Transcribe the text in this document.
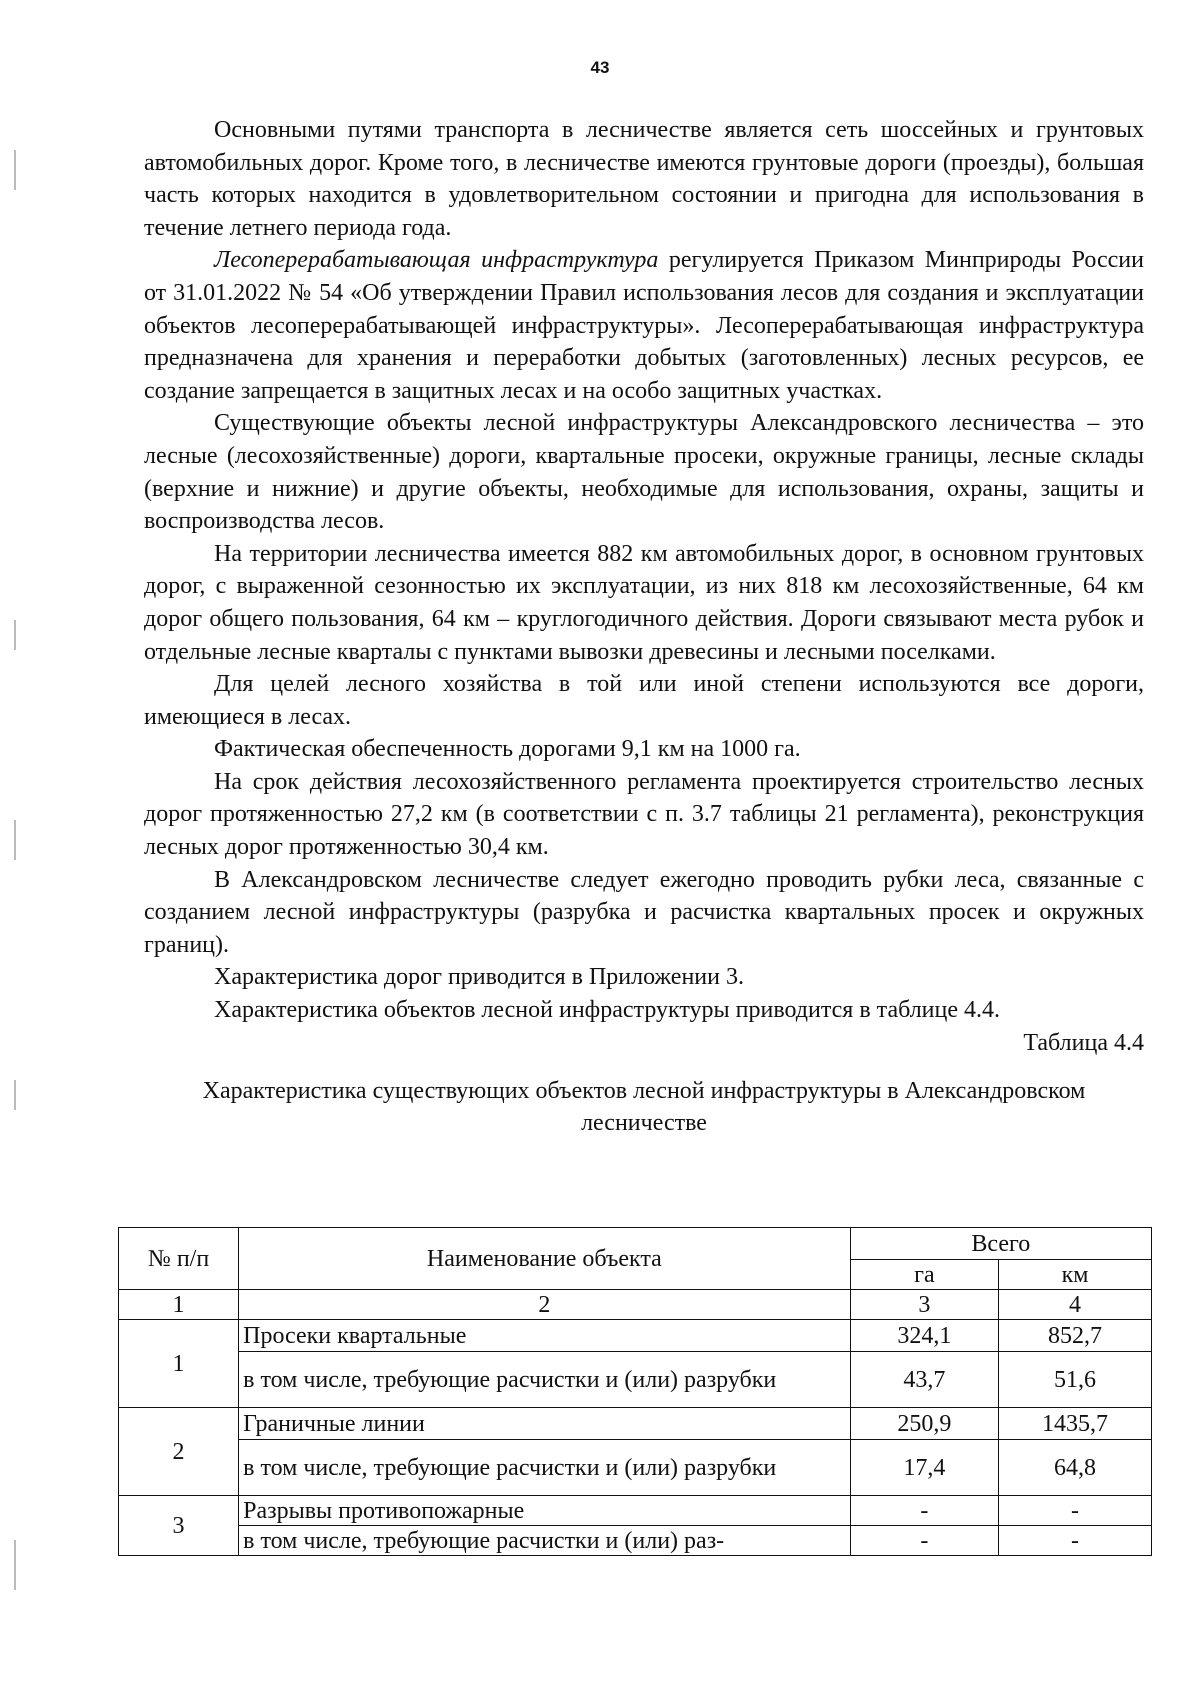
43

Основными путями транспорта в лесничестве является сеть шоссейных и грунтовых автомобильных дорог. Кроме того, в лесничестве имеются грунтовые дороги (проезды), большая часть которых находится в удовлетворительном состоянии и пригодна для использования в течение летнего периода года.

Лесоперерабатывающая инфраструктура регулируется Приказом Минприроды России от 31.01.2022 № 54 «Об утверждении Правил использования лесов для создания и эксплуатации объектов лесоперерабатывающей инфраструктуры». Лесоперерабатывающая инфраструктура предназначена для хранения и переработки добытых (заготовленных) лесных ресурсов, ее создание запрещается в защитных лесах и на особо защитных участках.

Существующие объекты лесной инфраструктуры Александровского лесничества – это лесные (лесохозяйственные) дороги, квартальные просеки, окружные границы, лесные склады (верхние и нижние) и другие объекты, необходимые для использования, охраны, защиты и воспроизводства лесов.

На территории лесничества имеется 882 км автомобильных дорог, в основном грунтовых дорог, с выраженной сезонностью их эксплуатации, из них 818 км лесохозяйственные, 64 км дорог общего пользования, 64 км – круглогодичного действия. Дороги связывают места рубок и отдельные лесные кварталы с пунктами вывозки древесины и лесными поселками.

Для целей лесного хозяйства в той или иной степени используются все дороги, имеющиеся в лесах.

Фактическая обеспеченность дорогами 9,1 км на 1000 га.

На срок действия лесохозяйственного регламента проектируется строительство лесных дорог протяженностью 27,2 км (в соответствии с п. 3.7 таблицы 21 регламента), реконструкция лесных дорог протяженностью 30,4 км.

В Александровском лесничестве следует ежегодно проводить рубки леса, связанные с созданием лесной инфраструктуры (разрубка и расчистка квартальных просек и окружных границ).

Характеристика дорог приводится в Приложении 3.

Характеристика объектов лесной инфраструктуры приводится в таблице 4.4.

Таблица 4.4

Характеристика существующих объектов лесной инфраструктуры в Александровском лесничестве

№ п/п	Наименование объекта	Всего	
		га	км
1	2	3	4
1	Просеки квартальные	324,1	852,7
	в том числе, требующие расчистки и (или) разрубки	43,7	51,6
2	Граничные линии	250,9	1435,7
	в том числе, требующие расчистки и (или) разрубки	17,4	64,8
3	Разрывы противопожарные	-	-
	в том числе, требующие расчистки и (или) раз-	-	-
